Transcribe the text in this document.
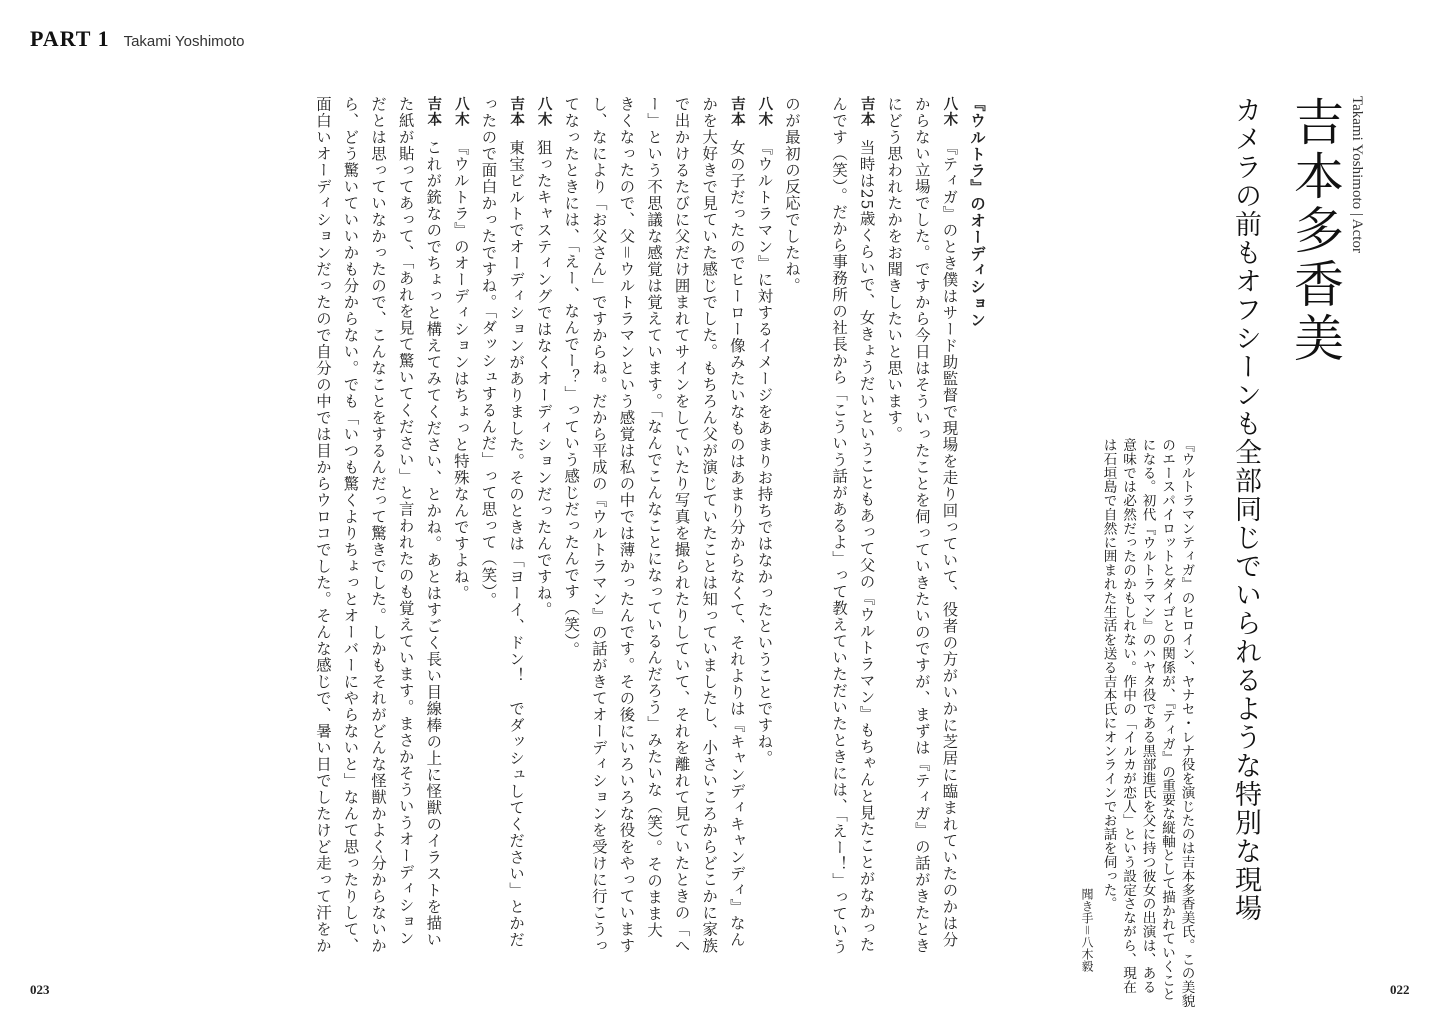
PART 1 Takami Yoshimoto
Takami Yoshimoto | Actor
吉本多香美
カメラの前もオフシーンも全部同じでいられるような特別な現場
『ウルトラマンティガ』のヒロイン、ヤナセ・レナ役を演じたのは吉本多香美氏。この美貌
のエースパイロットとダイゴとの関係が、『ティガ』の重要な縦軸として描かれていくこと
になる。初代『ウルトラマン』のハヤタ役である黒部進氏を父に持つ彼女の出演は、ある
意味では必然だったのかもしれない。作中の「イルカが恋人」という設定さながら、現在
は石垣島で自然に囲まれた生活を送る吉本氏にオンラインでお話を伺った。
聞き手＝八木毅
『ウルトラ』のオーディション
八木『ティガ』のとき僕はサード助監督で現場を走り回っていて、役者の方がいかに芝居に臨まれていたのかは分
からない立場でした。ですから今日はそういったことを伺っていきたいのですが、まずは『ティガ』の話がきたとき
にどう思われたかをお聞きしたいと思います。
吉本当時は25歳くらいで、女きょうだいということもあって父の『ウルトラマン』もちゃんと見たことがなかった
んです（笑）。だから事務所の社長から「こういう話があるよ」って教えていただいたときには、「えー！」っていう
のが最初の反応でしたね。
八木『ウルトラマン』に対するイメージをあまりお持ちではなかったということですね。
吉本女の子だったのでヒーロー像みたいなものはあまり分からなくて、それよりは『キャンディキャンディ』なん
かを大好きで見ていた感じでした。もちろん父が演じていたことは知っていましたし、小さいころからどこかに家族
で出かけるたびに父だけ囲まれてサインをしていたり写真を撮られたりしていて、それを離れて見ていたときの「へ
ー」という不思議な感覚は覚えています。「なんでこんなことになっているんだろう」みたいな（笑）。そのまま大
きくなったので、父＝ウルトラマンという感覚は私の中では薄かったんです。その後にいろいろな役をやっています
し、なにより「お父さん」ですからね。だから平成の『ウルトラマン』の話がきてオーディションを受けに行こうっ
てなったときには、「えー、なんでー？」っていう感じだったんです（笑）。
八木狙ったキャスティングではなくオーディションだったんですね。
吉本東宝ビルトでオーディションがありました。そのときは「ヨーイ、ドン！　でダッシュしてください」とかだ
ったので面白かったですね。「ダッシュするんだ」って思って（笑）。
八木『ウルトラ』のオーディションはちょっと特殊なんですよね。
吉本これが銃なのでちょっと構えてみてください、とかね。あとはすごく長い目線棒の上に怪獣のイラストを描い
た紙が貼ってあって、「あれを見て驚いてください」と言われたのも覚えています。まさかそういうオーディション
だとは思っていなかったので、こんなことをするんだって驚きでした。しかもそれがどんな怪獣かよく分からないか
ら、どう驚いていいかも分からない。でも「いつも驚くよりちょっとオーバーにやらないと」なんて思ったりして、
面白いオーディションだったので自分の中では目からウロコでした。そんな感じで、暑い日でしたけど走って汗をか
023	022
